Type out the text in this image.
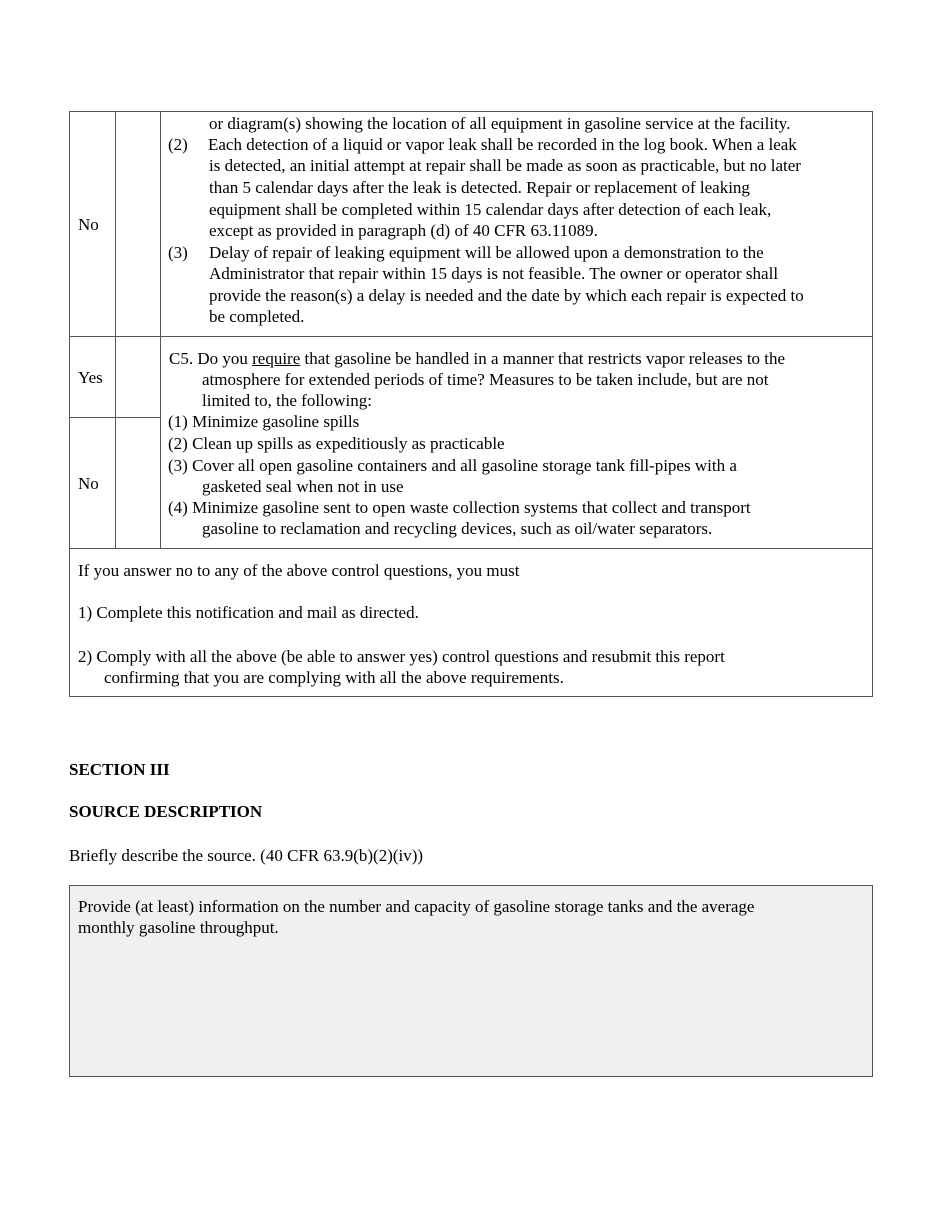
No
or diagram(s) showing the location of all equipment in gasoline service at the facility.
(2) Each detection of a liquid or vapor leak shall be recorded in the log book. When a leak
is detected, an initial attempt at repair shall be made as soon as practicable, but no later
than 5 calendar days after the leak is detected. Repair or replacement of leaking
equipment shall be completed within 15 calendar days after detection of each leak,
except as provided in paragraph (d) of 40 CFR 63.11089.
(3) Delay of repair of leaking equipment will be allowed upon a demonstration to the
Administrator that repair within 15 days is not feasible. The owner or operator shall
provide the reason(s) a delay is needed and the date by which each repair is expected to
be completed.
Yes
No
C5. Do you require that gasoline be handled in a manner that restricts vapor releases to the
atmosphere for extended periods of time? Measures to be taken include, but are not
limited to, the following:
(1) Minimize gasoline spills
(2) Clean up spills as expeditiously as practicable
(3) Cover all open gasoline containers and all gasoline storage tank fill-pipes with a
gasketed seal when not in use
(4) Minimize gasoline sent to open waste collection systems that collect and transport
gasoline to reclamation and recycling devices, such as oil/water separators.
If you answer no to any of the above control questions, you must
1) Complete this notification and mail as directed.
2) Comply with all the above (be able to answer yes) control questions and resubmit this report
confirming that you are complying with all the above requirements.
SECTION III
SOURCE DESCRIPTION
Briefly describe the source. (40 CFR 63.9(b)(2)(iv))
Provide (at least) information on the number and capacity of gasoline storage tanks and the average
monthly gasoline throughput.
